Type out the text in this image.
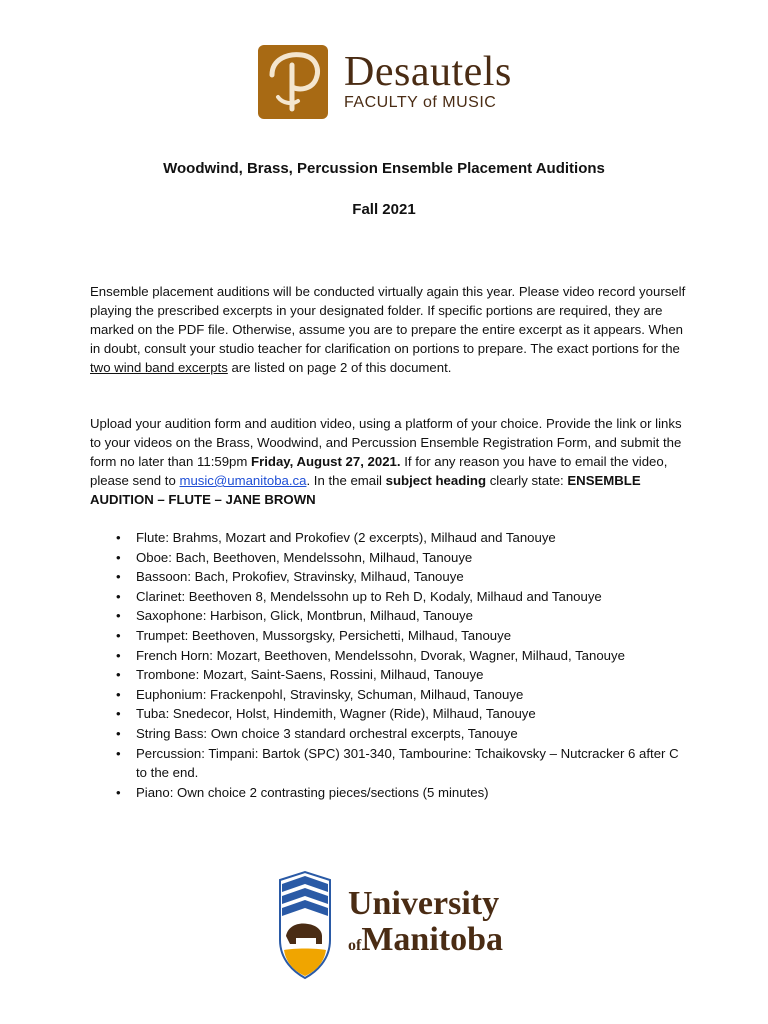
Desautels
FACULTY of MUSIC
Woodwind, Brass, Percussion Ensemble Placement Auditions
Fall 2021

Ensemble placement auditions will be conducted virtually again this year. Please video record yourself playing the prescribed excerpts in your designated folder. If specific portions are required, they are marked on the PDF file. Otherwise, assume you are to prepare the entire excerpt as it appears. When in doubt, consult your studio teacher for clarification on portions to prepare. The exact portions for the two wind band excerpts are listed on page 2 of this document.

Upload your audition form and audition video, using a platform of your choice. Provide the link or links to your videos on the Brass, Woodwind, and Percussion Ensemble Registration Form, and submit the form no later than 11:59pm Friday, August 27, 2021. If for any reason you have to email the video, please send to music@umanitoba.ca. In the email subject heading clearly state: ENSEMBLE AUDITION – FLUTE – JANE BROWN

• Flute: Brahms, Mozart and Prokofiev (2 excerpts), Milhaud and Tanouye
• Oboe: Bach, Beethoven, Mendelssohn, Milhaud, Tanouye
• Bassoon: Bach, Prokofiev, Stravinsky, Milhaud, Tanouye
• Clarinet: Beethoven 8, Mendelssohn up to Reh D, Kodaly, Milhaud and Tanouye
• Saxophone: Harbison, Glick, Montbrun, Milhaud, Tanouye
• Trumpet: Beethoven, Mussorgsky, Persichetti, Milhaud, Tanouye
• French Horn: Mozart, Beethoven, Mendelssohn, Dvorak, Wagner, Milhaud, Tanouye
• Trombone: Mozart, Saint-Saens, Rossini, Milhaud, Tanouye
• Euphonium: Frackenpohl, Stravinsky, Schuman, Milhaud, Tanouye
• Tuba: Snedecor, Holst, Hindemith, Wagner (Ride), Milhaud, Tanouye
• String Bass: Own choice 3 standard orchestral excerpts, Tanouye
• Percussion: Timpani: Bartok (SPC) 301-340, Tambourine: Tchaikovsky – Nutcracker 6 after C to the end.
• Piano: Own choice 2 contrasting pieces/sections (5 minutes)
University
ofManitoba
